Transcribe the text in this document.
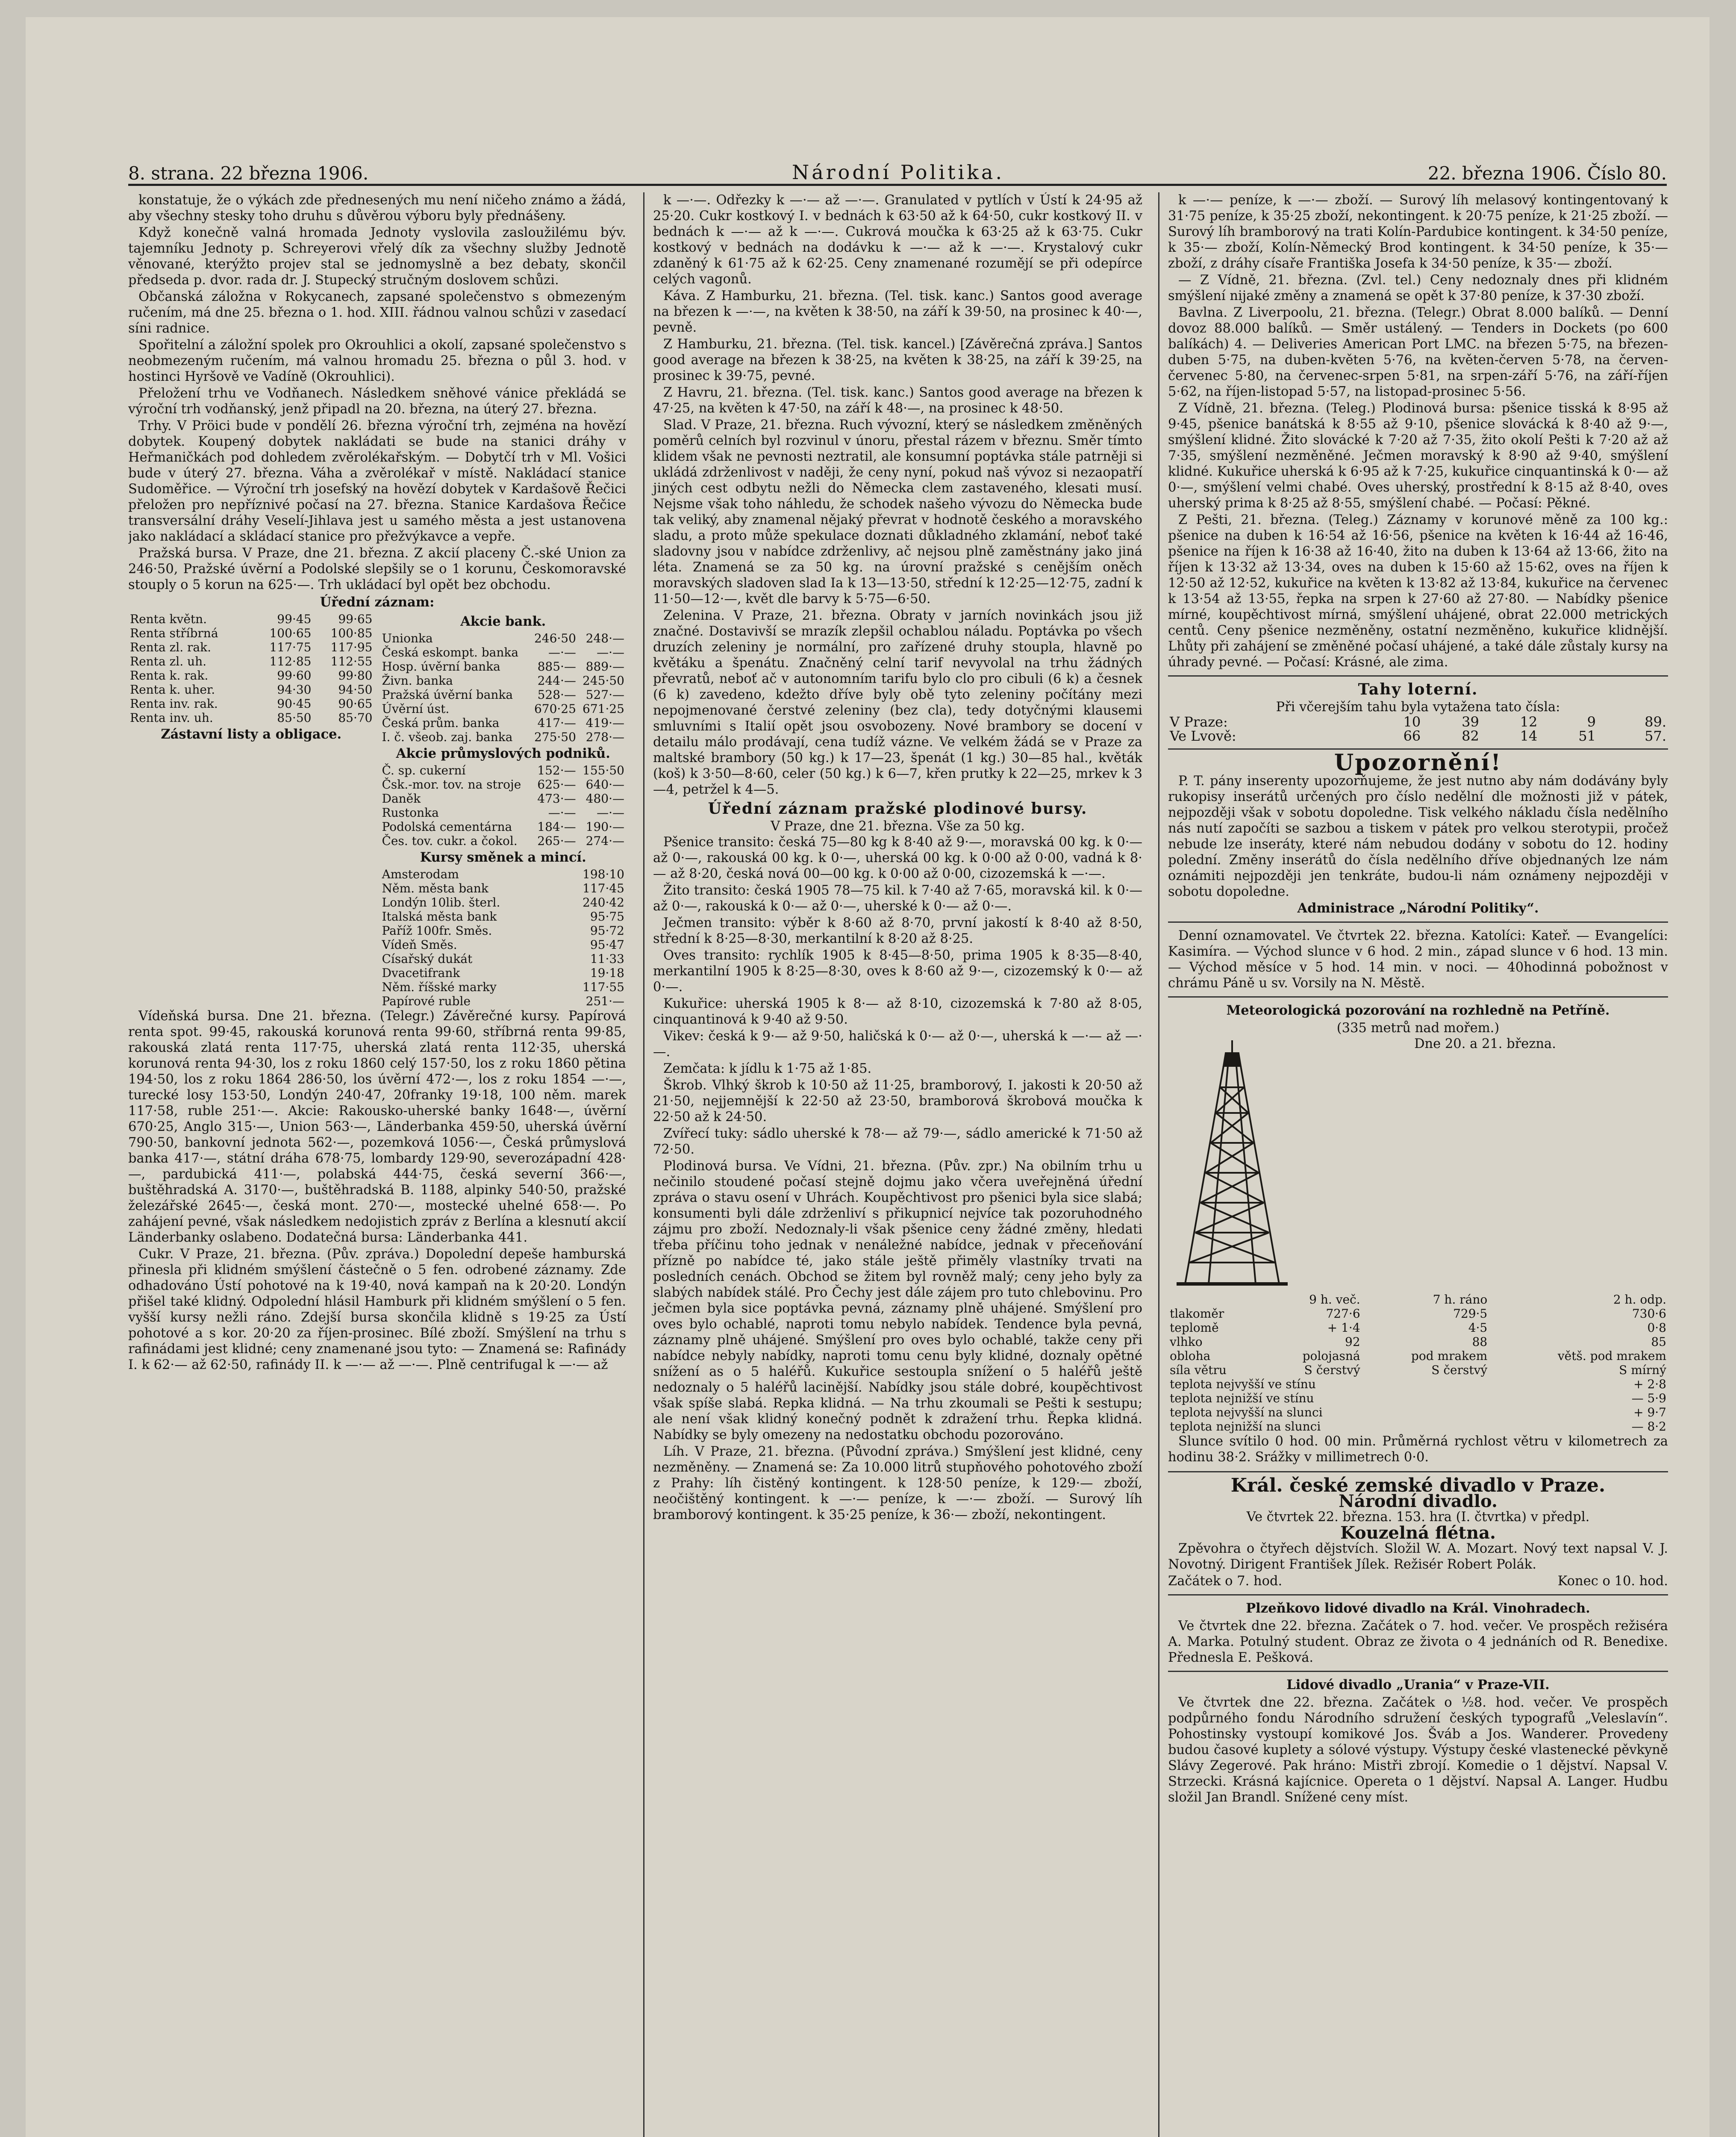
8. strana. 22 března 1906.	Národní Politika.	22. března 1906. Číslo 80.

konstatuje, že o výkách zde přednesených mu není ničeho známo a žádá, aby všechny stesky toho druhu s důvěrou výboru byly přednášeny.

Když konečně valná hromada Jednoty vyslovila zasloužilému býv. tajemníku Jednoty p. Schreyerovi vřelý dík za všechny služby Jednotě věnované, kterýžto projev stal se jednomyslně a bez debaty, skončil předseda p. dvor. rada dr. J. Stupecký stručným doslovem schůzi.

Občanská záložna v Rokycanech, zapsané společenstvo s obmezeným ručením, má dne 25. března o 1. hod. XIII. řádnou valnou schůzi v zasedací síni radnice.

Spořitelní a záložní spolek pro Okrouhlici a okolí, zapsané společenstvo s neobmezeným ručením, má valnou hromadu 25. března o půl 3. hod. v hostinci Hyršově ve Vadíně (Okrouhlici).

Přeložení trhu ve Vodňanech. Následkem sněhové vánice překládá se výroční trh vodňanský, jenž připadl na 20. března, na úterý 27. března.

Trhy. V Pröici bude v pondělí 26. března výroční trh, zejména na hovězí dobytek. Koupený dobytek nakládati se bude na stanici dráhy v Heřmaničkách pod dohledem zvěrolékařským. — Dobytčí trh v Ml. Vošici bude v úterý 27. března. Váha a zvěrolékař v místě. Nakládací stanice Sudoměřice. — Výroční trh josefský na hovězí dobytek v Kardašově Řečici přeložen pro nepříznivé počasí na 27. března. Stanice Kardašova Řečice transversální dráhy Veselí-Jihlava jest u samého města a jest ustanovena jako nakládací a skládací stanice pro přežvýkavce a vepře.

Pražská bursa. V Praze, dne 21. března. Z akcií placeny Č.-ské Union za 246·50, Pražské úvěrní a Podolské slepšily se o 1 korunu, Českomoravské stouply o 5 korun na 625·—. Trh ukládací byl opět bez obchodu.

Úřední záznam:
Renta květn.	99·45	99·65
Renta stříbrná	100·65	100·85
Renta zl. rak.	117·75	117·95
Renta zl. uh.	112·85	112·55
Renta k. rak.	99·60	99·80
Renta k. uher.	94·30	94·50
Renta inv. rak.	90·45	90·65
Renta inv. uh.	85·50	85·70
Zástavní listy a obligace.
Akcie bank.
Unionka	246·50	248·—
Česká eskompt. banka	—·—	—·—
Hosp. úvěrní banka	885·—	889·—
Živn. banka	244·—	245·50
Pražská úvěrní banka	528·—	527·—
Úvěrní úst.	670·25	671·25
Česká prům. banka	417·—	419·—
I. č. všeob. zaj. banka	275·50	278·—
Akcie průmyslových podniků.
Č. sp. cukerní	152·—	155·50
Čsk.-mor. tov. na stroje	625·—	640·—
Daněk	473·—	480·—
Rustonka	—·—	—·—
Podolská cementárna	184·—	190·—
Čes. tov. cukr. a čokol.	265·—	274·—
Kursy směnek a mincí.
Amsterodam	198·10
Něm. města bank	117·45
Londýn 10lib. šterl.	240·42
Italská města bank	95·75
Paříž 100fr. Směs.	95·72
Vídeň Směs.	95·47
Císařský dukát	11·33
Dvacetifrank	19·18
Něm. říšské marky	117·55
Papírové ruble	251·—

Vídeňská bursa. Dne 21. března. (Telegr.) Závěrečné kursy. Papírová renta spot. 99·45, rakouská korunová renta 99·60, stříbrná renta 99·85, rakouská zlatá renta 117·75, uherská zlatá renta 112·35, uherská korunová renta 94·30, los z roku 1860 celý 157·50, los z roku 1860 pětina 194·50, los z roku 1864 286·50, los úvěrní 472·—, los z roku 1854 —·—, turecké losy 153·50, Londýn 240·47, 20franky 19·18, 100 něm. marek 117·58, ruble 251·—. Akcie: Rakousko-uherské banky 1648·—, úvěrní 670·25, Anglo 315·—, Union 563·—, Länderbanka 459·50, uherská úvěrní 790·50, bankovní jednota 562·—, pozemková 1056·—, Česká průmyslová banka 417·—, státní dráha 678·75, lombardy 129·90, severozápadní 428·—, pardubická 411·—, polabská 444·75, česká severní 366·—, buštěhradská A. 3170·—, buštěhradská B. 1188, alpinky 540·50, pražské železářské 2645·—, česká mont. 270·—, mostecké uhelné 658·—. Po zahájení pevné, však následkem nedojistich zpráv z Berlína a klesnutí akcií Länderbanky oslabeno. Dodatečná bursa: Länderbanka 441.

Cukr. V Praze, 21. března. (Pův. zpráva.) Dopolední depeše hamburská přinesla při klidném smýšlení částečně o 5 fen. odrobené záznamy. Zde odhadováno Ústí pohotové na k 19·40, nová kampaň na k 20·20. Londýn přišel také klidný. Odpolední hlásil Hamburk při klidném smýšlení o 5 fen. vyšší kursy nežli ráno. Zdejší bursa skončila klidně s 19·25 za Ústí pohotové a s kor. 20·20 za říjen-prosinec. Bílé zboží. Smýšlení na trhu s rafinádami jest klidné; ceny znamenané jsou tyto: — Znamená se: Rafinády I. k 62·— až 62·50, rafinády II. k —·— až —·—. Plně centrifugal k —·— až

k —·—. Odřezky k —·— až —·—. Granulated v pytlích v Ústí k 24·95 až 25·20. Cukr kostkový I. v bednách k 63·50 až k 64·50, cukr kostkový II. v bednách k —·— až k —·—. Cukrová moučka k 63·25 až k 63·75. Cukr kostkový v bednách na dodávku k —·— až k —·—. Krystalový cukr zdaněný k 61·75 až k 62·25. Ceny znamenané rozumějí se při odepírce celých vagonů.

Káva. Z Hamburku, 21. března. (Tel. tisk. kanc.) Santos good average na březen k —·—, na květen k 38·50, na září k 39·50, na prosinec k 40·—, pevně.

Z Hamburku, 21. března. (Tel. tisk. kancel.) [Závěrečná zpráva.] Santos good average na březen k 38·25, na květen k 38·25, na září k 39·25, na prosinec k 39·75, pevné.

Z Havru, 21. března. (Tel. tisk. kanc.) Santos good average na březen k 47·25, na květen k 47·50, na září k 48·—, na prosinec k 48·50.

Slad. V Praze, 21. března. Ruch vývozní, který se následkem změněných poměrů celních byl rozvinul v únoru, přestal rázem v březnu. Směr tímto klidem však ne pevnosti neztratil, ale konsumní poptávka stále patrněji si ukládá zdrženlivost v naději, že ceny nyní, pokud naš vývoz si nezaopatří jiných cest odbytu nežli do Německa clem zastaveného, klesati musí. Nejsme však toho náhledu, že schodek našeho vývozu do Německa bude tak veliký, aby znamenal nějaký převrat v hodnotě českého a moravského sladu, a proto může spekulace doznati důkladného zklamání, neboť také sladovny jsou v nabídce zdrženlivy, ač nejsou plně zaměstnány jako jiná léta. Znamená se za 50 kg. na úrovní pražské s cenějším oněch moravských sladoven slad Ia k 13—13·50, střední k 12·25—12·75, zadní k 11·50—12·—, květ dle barvy k 5·75—6·50.

Zelenina. V Praze, 21. března. Obraty v jarních novinkách jsou již značné. Dostavivší se mrazík zlepšil ochablou náladu. Poptávka po všech druzích zeleniny je normální, pro zařízené druhy stoupla, hlavně po květáku a špenátu. Značněný celní tarif nevyvolal na trhu žádných převratů, neboť ač v autonomním tarifu bylo clo pro cibuli (6 k) a česnek (6 k) zavedeno, kdežto dříve byly obě tyto zeleniny počítány mezi nepojmenované čerstvé zeleniny (bez cla), tedy dotyčnými klausemi smluvními s Italií opět jsou osvobozeny. Nové brambory se docení v detailu málo prodávají, cena tudíž vázne. Ve velkém žádá se v Praze za maltské brambory (50 kg.) k 17—23, špenát (1 kg.) 30—85 hal., květák (koš) k 3·50—8·60, celer (50 kg.) k 6—7, křen prutky k 22—25, mrkev k 3—4, petržel k 4—5.

Úřední záznam pražské plodinové bursy.
V Praze, dne 21. března. Vše za 50 kg.

Pšenice transito: česká 75—80 kg k 8·40 až 9·—, moravská 00 kg. k 0·— až 0·—, rakouská 00 kg. k 0·—, uherská 00 kg. k 0·00 až 0·00, vadná k 8·— až 8·20, česká nová 00—00 kg. k 0·00 až 0·00, cizozemská k —·—.

Žito transito: česká 1905 78—75 kil. k 7·40 až 7·65, moravská kil. k 0·— až 0·—, rakouská k 0·— až 0·—, uherské k 0·— až 0·—.

Ječmen transito: výběr k 8·60 až 8·70, první jakostí k 8·40 až 8·50, střední k 8·25—8·30, merkantilní k 8·20 až 8·25.

Oves transito: rychlík 1905 k 8·45—8·50, prima 1905 k 8·35—8·40, merkantilní 1905 k 8·25—8·30, oves k 8·60 až 9·—, cizozemský k 0·— až 0·—.

Kukuřice: uherská 1905 k 8·— až 8·10, cizozemská k 7·80 až 8·05, cinquantinová k 9·40 až 9·50.

Vikev: česká k 9·— až 9·50, haličská k 0·— až 0·—, uherská k —·— až —·—.

Zemčata: k jídlu k 1·75 až 1·85.

Škrob. Vlhký škrob k 10·50 až 11·25, bramborový, I. jakosti k 20·50 až 21·50, nejjemnější k 22·50 až 23·50, bramborová škrobová moučka k 22·50 až k 24·50.

Zvířecí tuky: sádlo uherské k 78·— až 79·—, sádlo americké k 71·50 až 72·50.

Plodinová bursa. Ve Vídni, 21. března. (Pův. zpr.) Na obilním trhu u nečinilo stoudené počasí stejně dojmu jako včera uveřejněná úřední zpráva o stavu osení v Uhrách. Koupěchtivost pro pšenici byla sice slabá; konsumenti byli dále zdrženliví s přikupnicí nejvíce tak pozoruhodného zájmu pro zboží. Nedoznaly-li však pšenice ceny žádné změny, hledati třeba příčinu toho jednak v nenáležné nabídce, jednak v přeceňování přízně po nabídce té, jako stále ještě přiměly vlastníky trvati na posledních cenách. Obchod se žitem byl rovněž malý; ceny jeho byly za slabých nabídek stálé. Pro Čechy jest dále zájem pro tuto chlebovinu. Pro ječmen byla sice poptávka pevná, záznamy plně uhájené. Smýšlení pro oves bylo ochablé, naproti tomu nebylo nabídek. Tendence byla pevná, záznamy plně uhájené. Smýšlení pro oves bylo ochablé, takže ceny při nabídce nebyly nabídky, naproti tomu cenu byly klidné, doznaly opětné snížení as o 5 haléřů. Kukuřice sestoupla snížení o 5 haléřů ještě nedoznaly o 5 haléřů lacinější. Nabídky jsou stále dobré, koupěchtivost však spíše slabá. Repka klidná. — Na trhu zkoumali se Pešti k sestupu; ale není však klidný konečný podnět k zdražení trhu. Řepka klidná. Nabídky se byly omezeny na nedostatku obchodu pozorováno.

Líh. V Praze, 21. března. (Původní zpráva.) Smýšlení jest klidné, ceny nezměněny. — Znamená se: Za 10.000 litrů stupňového pohotového zboží z Prahy: líh čistěný kontingent. k 128·50 peníze, k 129·— zboží, neočištěný kontingent. k —·— peníze, k —·— zboží. — Surový líh bramborový kontingent. k 35·25 peníze, k 36·— zboží, nekontingent.

k —·— peníze, k —·— zboží. — Surový líh melasový kontingentovaný k 31·75 peníze, k 35·25 zboží, nekontingent. k 20·75 peníze, k 21·25 zboží. — Surový líh bramborový na trati Kolín-Pardubice kontingent. k 34·50 peníze, k 35·— zboží, Kolín-Německý Brod kontingent. k 34·50 peníze, k 35·— zboží, z dráhy císaře Františka Josefa k 34·50 peníze, k 35·— zboží.

— Z Vídně, 21. března. (Zvl. tel.) Ceny nedoznaly dnes při klidném smýšlení nijaké změny a znamená se opět k 37·80 peníze, k 37·30 zboží.

Bavlna. Z Liverpoolu, 21. března. (Telegr.) Obrat 8.000 balíků. — Denní dovoz 88.000 balíků. — Směr ustálený. — Tenders in Dockets (po 600 balíkách) 4. — Deliveries American Port LMC. na březen 5·75, na březen-duben 5·75, na duben-květen 5·76, na květen-červen 5·78, na červen-červenec 5·80, na červenec-srpen 5·81, na srpen-září 5·76, na září-říjen 5·62, na říjen-listopad 5·57, na listopad-prosinec 5·56.

Z Vídně, 21. března. (Teleg.) Plodinová bursa: pšenice tisská k 8·95 až 9·45, pšenice banátská k 8·55 až 9·10, pšenice slovácká k 8·40 až 9·—, smýšlení klidné. Žito slovácké k 7·20 až 7·35, žito okolí Pešti k 7·20 až až 7·35, smýšlení nezměněné. Ječmen moravský k 8·90 až 9·40, smýšlení klidné. Kukuřice uherská k 6·95 až k 7·25, kukuřice cinquantinská k 0·— až 0·—, smýšlení velmi chabé. Oves uherský, prostřední k 8·15 až 8·40, oves uherský prima k 8·25 až 8·55, smýšlení chabé. — Počasí: Pěkné.

Z Pešti, 21. března. (Teleg.) Záznamy v korunové měně za 100 kg.: pšenice na duben k 16·54 až 16·56, pšenice na květen k 16·44 až 16·46, pšenice na říjen k 16·38 až 16·40, žito na duben k 13·64 až 13·66, žito na říjen k 13·32 až 13·34, oves na duben k 15·60 až 15·62, oves na říjen k 12·50 až 12·52, kukuřice na květen k 13·82 až 13·84, kukuřice na červenec k 13·54 až 13·55, řepka na srpen k 27·60 až 27·80. — Nabídky pšenice mírné, koupěchtivost mírná, smýšlení uhájené, obrat 22.000 metrických centů. Ceny pšenice nezměněny, ostatní nezměněno, kukuřice klidnější. Lhůty při zahájení se změněné počasí uhájené, a také dále zůstaly kursy na úhrady pevné. — Počasí: Krásné, ale zima.

Tahy loterní.
Při včerejším tahu byla vytažena tato čísla:
V Praze:	10	39	12	9	89.
Ve Lvově:	66	82	14	51	57.
Upozornění!

P. T. pány inserenty upozorňujeme, že jest nutno aby nám dodávány byly rukopisy inserátů určených pro číslo nedělní dle možnosti již v pátek, nejpozději však v sobotu dopoledne. Tisk velkého nákladu čísla nedělního nás nutí započíti se sazbou a tiskem v pátek pro velkou sterotypii, pročež nebude lze inseráty, které nám nebudou dodány v sobotu do 12. hodiny polední. Změny inserátů do čísla nedělního dříve objednaných lze nám oznámiti nejpozději jen tenkráte, budou-li nám oznámeny nejpozději v sobotu dopoledne.

Administrace „Národní Politiky“.

Denní oznamovatel. Ve čtvrtek 22. března. Katolíci: Kateř. — Evangelíci: Kasimíra. — Východ slunce v 6 hod. 2 min., západ slunce v 6 hod. 13 min. — Východ měsíce v 5 hod. 14 min. v noci. — 40hodinná pobožnost v chrámu Páně u sv. Vorsily na N. Městě.

Meteorologická pozorování na rozhledně na Petříně.
(335 metrů nad mořem.)
Dne 20. a 21. března.
	9 h. več.	7 h. ráno	2 h. odp.
tlakoměr	727·6	729·5	730·6
teplomě	+ 1·4	4·5	0·8
vlhko	92	88	85
obloha	polojasná	pod mrakem	větš. pod mrakem
síla větru	S čerstvý	S čerstvý	S mírný
teplota nejvyšší ve stínu	+ 2·8
teplota nejnižší ve stínu	— 5·9
teplota nejvyšší na slunci	+ 9·7
teplota nejnižší na slunci	— 8·2

Slunce svítilo 0 hod. 00 min. Průměrná rychlost větru v kilometrech za hodinu 38·2. Srážky v millimetrech 0·0.

Král. české zemské divadlo v Praze.
Národní divadlo.
Ve čtvrtek 22. března. 153. hra (I. čtvrtka) v předpl.
Kouzelná flétna.

Zpěvohra o čtyřech dějstvích. Složil W. A. Mozart. Nový text napsal V. J. Novotný. Dirigent František Jílek. Režisér Robert Polák.

Začátek o 7. hod.	Konec o 10. hod.
Plzeňkovo lidové divadlo na Král. Vinohradech.

Ve čtvrtek dne 22. března. Začátek o 7. hod. večer. Ve prospěch režiséra A. Marka. Potulný student. Obraz ze života o 4 jednáních od R. Benedixe. Přednesla E. Pešková.

Lidové divadlo „Urania“ v Praze-VII.

Ve čtvrtek dne 22. března. Začátek o ½8. hod. večer. Ve prospěch podpůrného fondu Národního sdružení českých typografů „Veleslavín“. Pohostinsky vystoupí komikové Jos. Šváb a Jos. Wanderer. Provedeny budou časové kuplety a sólové výstupy. Výstupy české vlastenecké pěvkyně Slávy Zegerové. Pak hráno: Mistři zbrojí. Komedie o 1 dějství. Napsal V. Strzecki. Krásná kajícnice. Opereta o 1 dějství. Napsal A. Langer. Hudbu složil Jan Brandl. Snížené ceny míst.
